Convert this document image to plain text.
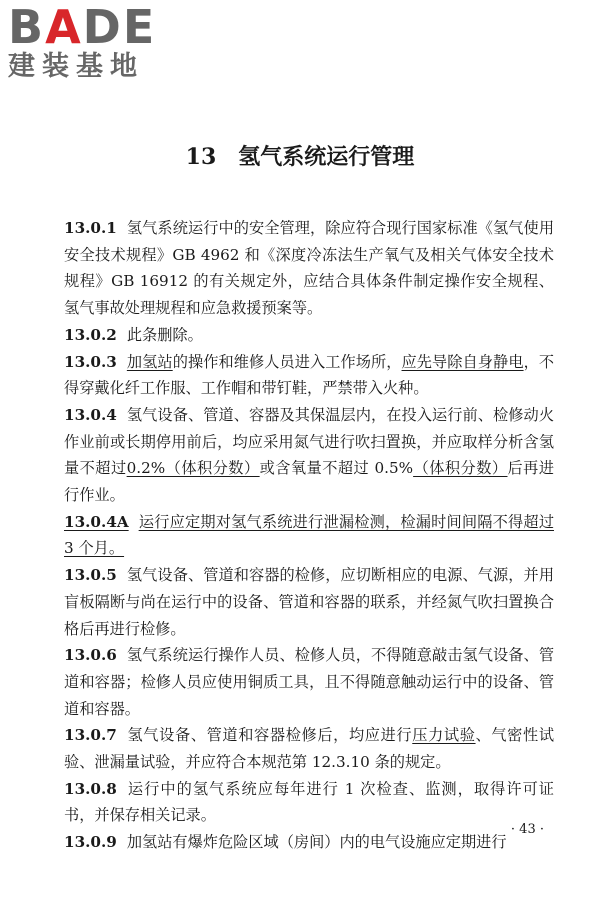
BADE
建装基地
13 氢气系统运行管理

13.0.1 氢气系统运行中的安全管理，除应符合现行国家标准《氢气使用安全技术规程》GB 4962 和《深度冷冻法生产氧气及相关气体安全技术规程》GB 16912 的有关规定外，应结合具体条件制定操作安全规程、氢气事故处理规程和应急救援预案等。

13.0.2 此条删除。

13.0.3 加氢站的操作和维修人员进入工作场所，应先导除自身静电，不得穿戴化纤工作服、工作帽和带钉鞋，严禁带入火种。

13.0.4 氢气设备、管道、容器及其保温层内，在投入运行前、检修动火作业前或长期停用前后，均应采用氮气进行吹扫置换，并应取样分析含氢量不超过0.2%（体积分数）或含氧量不超过 0.5%（体积分数）后再进行作业。

13.0.4A 运行应定期对氢气系统进行泄漏检测，检漏时间间隔不得超过 3 个月。

13.0.5 氢气设备、管道和容器的检修，应切断相应的电源、气源，并用盲板隔断与尚在运行中的设备、管道和容器的联系，并经氮气吹扫置换合格后再进行检修。

13.0.6 氢气系统运行操作人员、检修人员，不得随意敲击氢气设备、管道和容器；检修人员应使用铜质工具，且不得随意触动运行中的设备、管道和容器。

13.0.7 氢气设备、管道和容器检修后，均应进行压力试验、气密性试验、泄漏量试验，并应符合本规范第 12.3.10 条的规定。

13.0.8 运行中的氢气系统应每年进行 1 次检查、监测，取得许可证书，并保存相关记录。

13.0.9 加氢站有爆炸危险区域（房间）内的电气设施应定期进行

· 43 ·
